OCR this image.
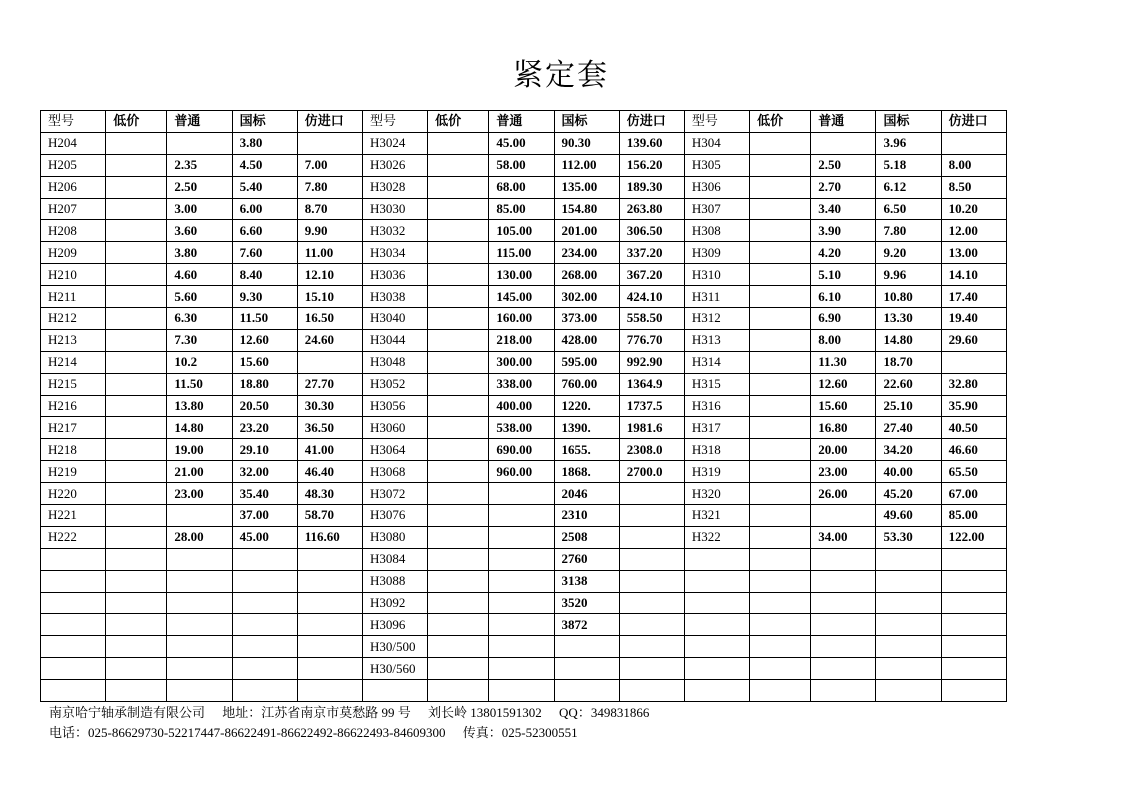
紧定套
型号	低价	普通	国标	仿进口	型号	低价	普通	国标	仿进口	型号	低价	普通	国标	仿进口
H204			3.80		H3024		45.00	90.30	139.60	H304			3.96	
H205		2.35	4.50	7.00	H3026		58.00	112.00	156.20	H305		2.50	5.18	8.00
H206		2.50	5.40	7.80	H3028		68.00	135.00	189.30	H306		2.70	6.12	8.50
H207		3.00	6.00	8.70	H3030		85.00	154.80	263.80	H307		3.40	6.50	10.20
H208		3.60	6.60	9.90	H3032		105.00	201.00	306.50	H308		3.90	7.80	12.00
H209		3.80	7.60	11.00	H3034		115.00	234.00	337.20	H309		4.20	9.20	13.00
H210		4.60	8.40	12.10	H3036		130.00	268.00	367.20	H310		5.10	9.96	14.10
H211		5.60	9.30	15.10	H3038		145.00	302.00	424.10	H311		6.10	10.80	17.40
H212		6.30	11.50	16.50	H3040		160.00	373.00	558.50	H312		6.90	13.30	19.40
H213		7.30	12.60	24.60	H3044		218.00	428.00	776.70	H313		8.00	14.80	29.60
H214		10.2	15.60		H3048		300.00	595.00	992.90	H314		11.30	18.70	
H215		11.50	18.80	27.70	H3052		338.00	760.00	1364.9	H315		12.60	22.60	32.80
H216		13.80	20.50	30.30	H3056		400.00	1220.	1737.5	H316		15.60	25.10	35.90
H217		14.80	23.20	36.50	H3060		538.00	1390.	1981.6	H317		16.80	27.40	40.50
H218		19.00	29.10	41.00	H3064		690.00	1655.	2308.0	H318		20.00	34.20	46.60
H219		21.00	32.00	46.40	H3068		960.00	1868.	2700.0	H319		23.00	40.00	65.50
H220		23.00	35.40	48.30	H3072			2046		H320		26.00	45.20	67.00
H221			37.00	58.70	H3076			2310		H321			49.60	85.00
H222		28.00	45.00	116.60	H3080			2508		H322		34.00	53.30	122.00
					H3084			2760						
					H3088			3138						
					H3092			3520						
					H3096			3872						
					H30/500									
					H30/560									

南京哈宁轴承制造有限公司 地址：江苏省南京市莫愁路 99 号 刘长岭 13801591302 QQ：349831866
电话：025-86629730-52217447-86622491-86622492-86622493-84609300 传真：025-52300551
